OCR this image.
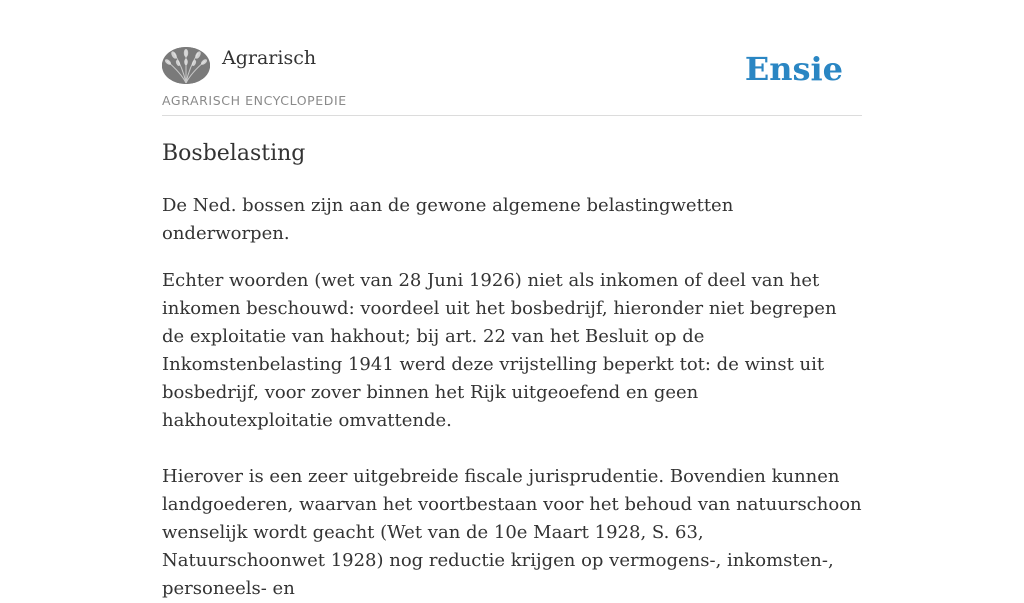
Agrarisch

AGRARISCH ENCYCLOPEDIE

Ensie
Bosbelasting

De Ned. bossen zijn aan de gewone algemene belastingwetten onderworpen.

Echter woorden (wet van 28 Juni 1926) niet als inkomen of deel van het inkomen beschouwd: voordeel uit het bosbedrijf, hieronder niet begrepen de exploitatie van hakhout; bij art. 22 van het Besluit op de Inkomstenbelasting 1941 werd deze vrijstelling beperkt tot: de winst uit bosbedrijf, voor zover binnen het Rijk uitgeoefend en geen hakhoutexploitatie omvattende.

Hierover is een zeer uitgebreide fiscale jurisprudentie. Bovendien kunnen landgoederen, waarvan het voortbestaan voor het behoud van natuurschoon wenselijk wordt geacht (Wet van de 10e Maart 1928, S. 63, Natuurschoonwet 1928) nog reductie krijgen op vermogens-, inkomsten-, personeels- en
